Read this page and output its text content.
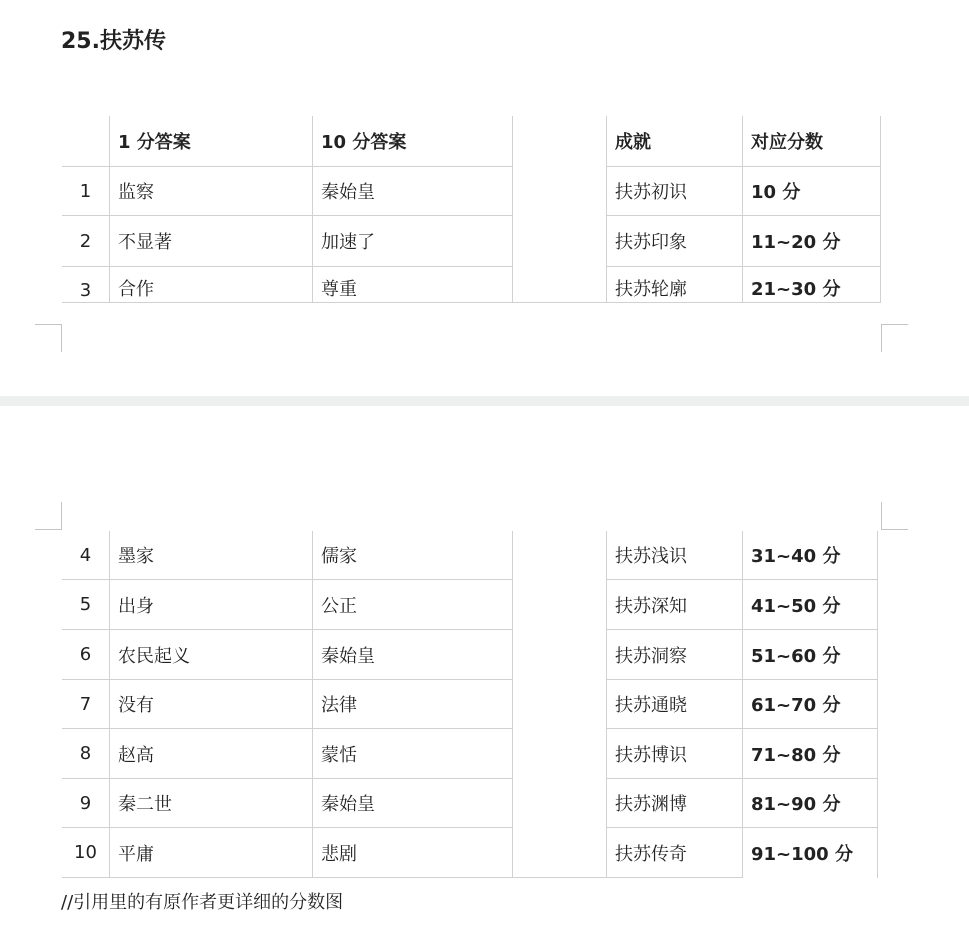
25.扶苏传
1 分答案	10 分答案	成就	对应分数
1	监察	秦始皇	扶苏初识	10 分
2	不显著	加速了	扶苏印象	11~20 分
3	合作	尊重	扶苏轮廓	21~30 分
4	墨家	儒家	扶苏浅识	31~40 分
5	出身	公正	扶苏深知	41~50 分
6	农民起义	秦始皇	扶苏洞察	51~60 分
7	没有	法律	扶苏通晓	61~70 分
8	赵高	蒙恬	扶苏博识	71~80 分
9	秦二世	秦始皇	扶苏渊博	81~90 分
10	平庸	悲剧	扶苏传奇	91~100 分
//引用里的有原作者更详细的分数图
